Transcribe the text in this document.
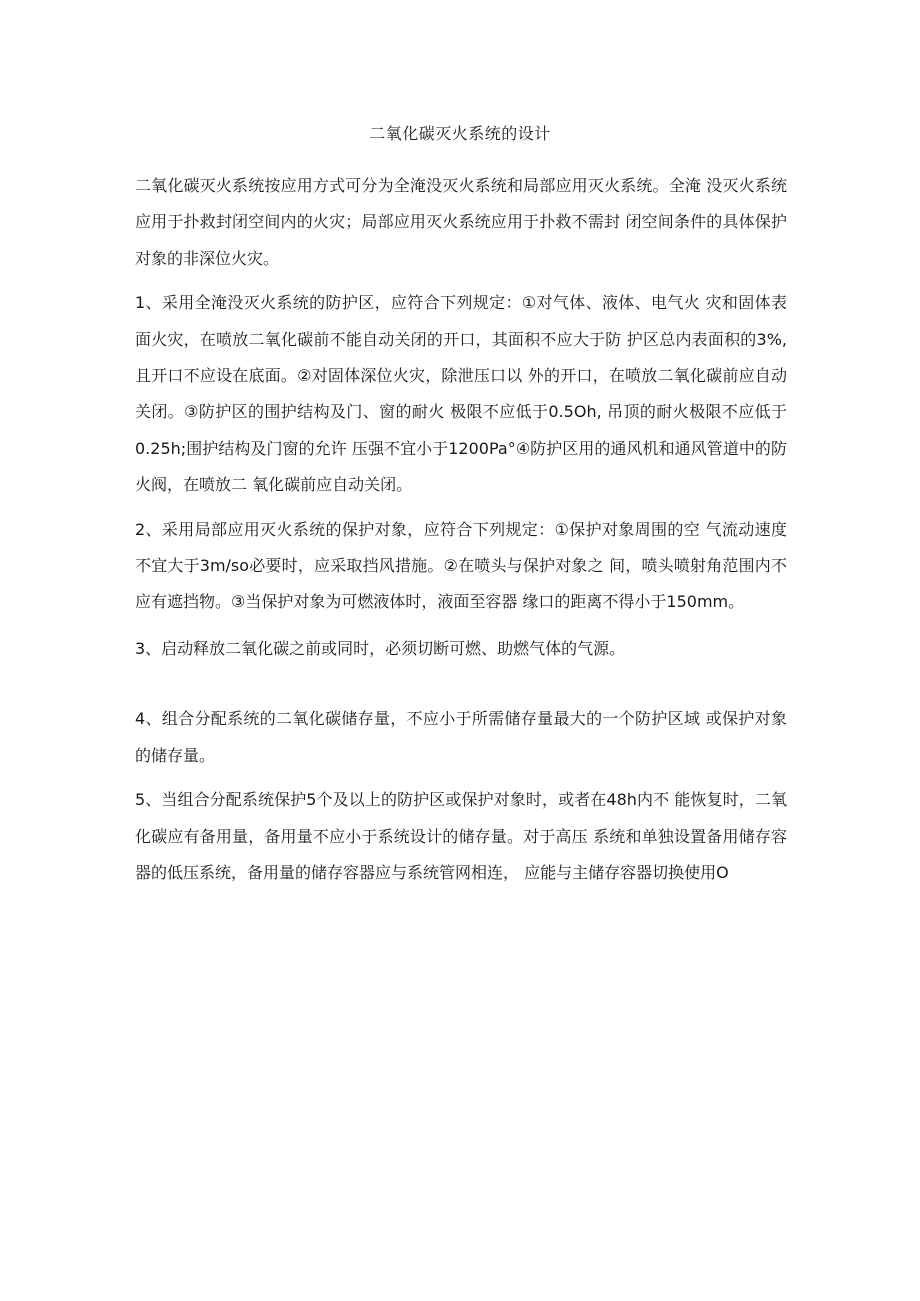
二氧化碳灭火系统的设计

二氧化碳灭火系统按应用方式可分为全淹没灭火系统和局部应用灭火系统。全淹 没灭火系统应用于扑救封闭空间内的火灾；局部应用灭火系统应用于扑救不需封 闭空间条件的具体保护对象的非深位火灾。

1、采用全淹没灭火系统的防护区，应符合下列规定：①对气体、液体、电气火 灾和固体表面火灾，在喷放二氧化碳前不能自动关闭的开口，其面积不应大于防 护区总内表面积的3%,且开口不应设在底面。②对固体深位火灾，除泄压口以 外的开口，在喷放二氧化碳前应自动关闭。③防护区的围护结构及门、窗的耐火 极限不应低于0.5Oh, 吊顶的耐火极限不应低于0.25h;围护结构及门窗的允许 压强不宜小于1200Pa°④防护区用的通风机和通风管道中的防火阀，在喷放二 氧化碳前应自动关闭。

2、采用局部应用灭火系统的保护对象，应符合下列规定：①保护对象周围的空 气流动速度不宜大于3m∕so必要时，应采取挡风措施。②在喷头与保护对象之 间，喷头喷射角范围内不应有遮挡物。③当保护对象为可燃液体时，液面至容器 缘口的距离不得小于150mm。

3、启动释放二氧化碳之前或同时，必须切断可燃、助燃气体的气源。

4、组合分配系统的二氧化碳储存量，不应小于所需储存量最大的一个防护区域 或保护对象的储存量。

5、当组合分配系统保护5个及以上的防护区或保护对象时，或者在48h内不 能恢复时，二氧化碳应有备用量，备用量不应小于系统设计的储存量。对于高压 系统和单独设置备用储存容器的低压系统，备用量的储存容器应与系统管网相连， 应能与主储存容器切换使用O
